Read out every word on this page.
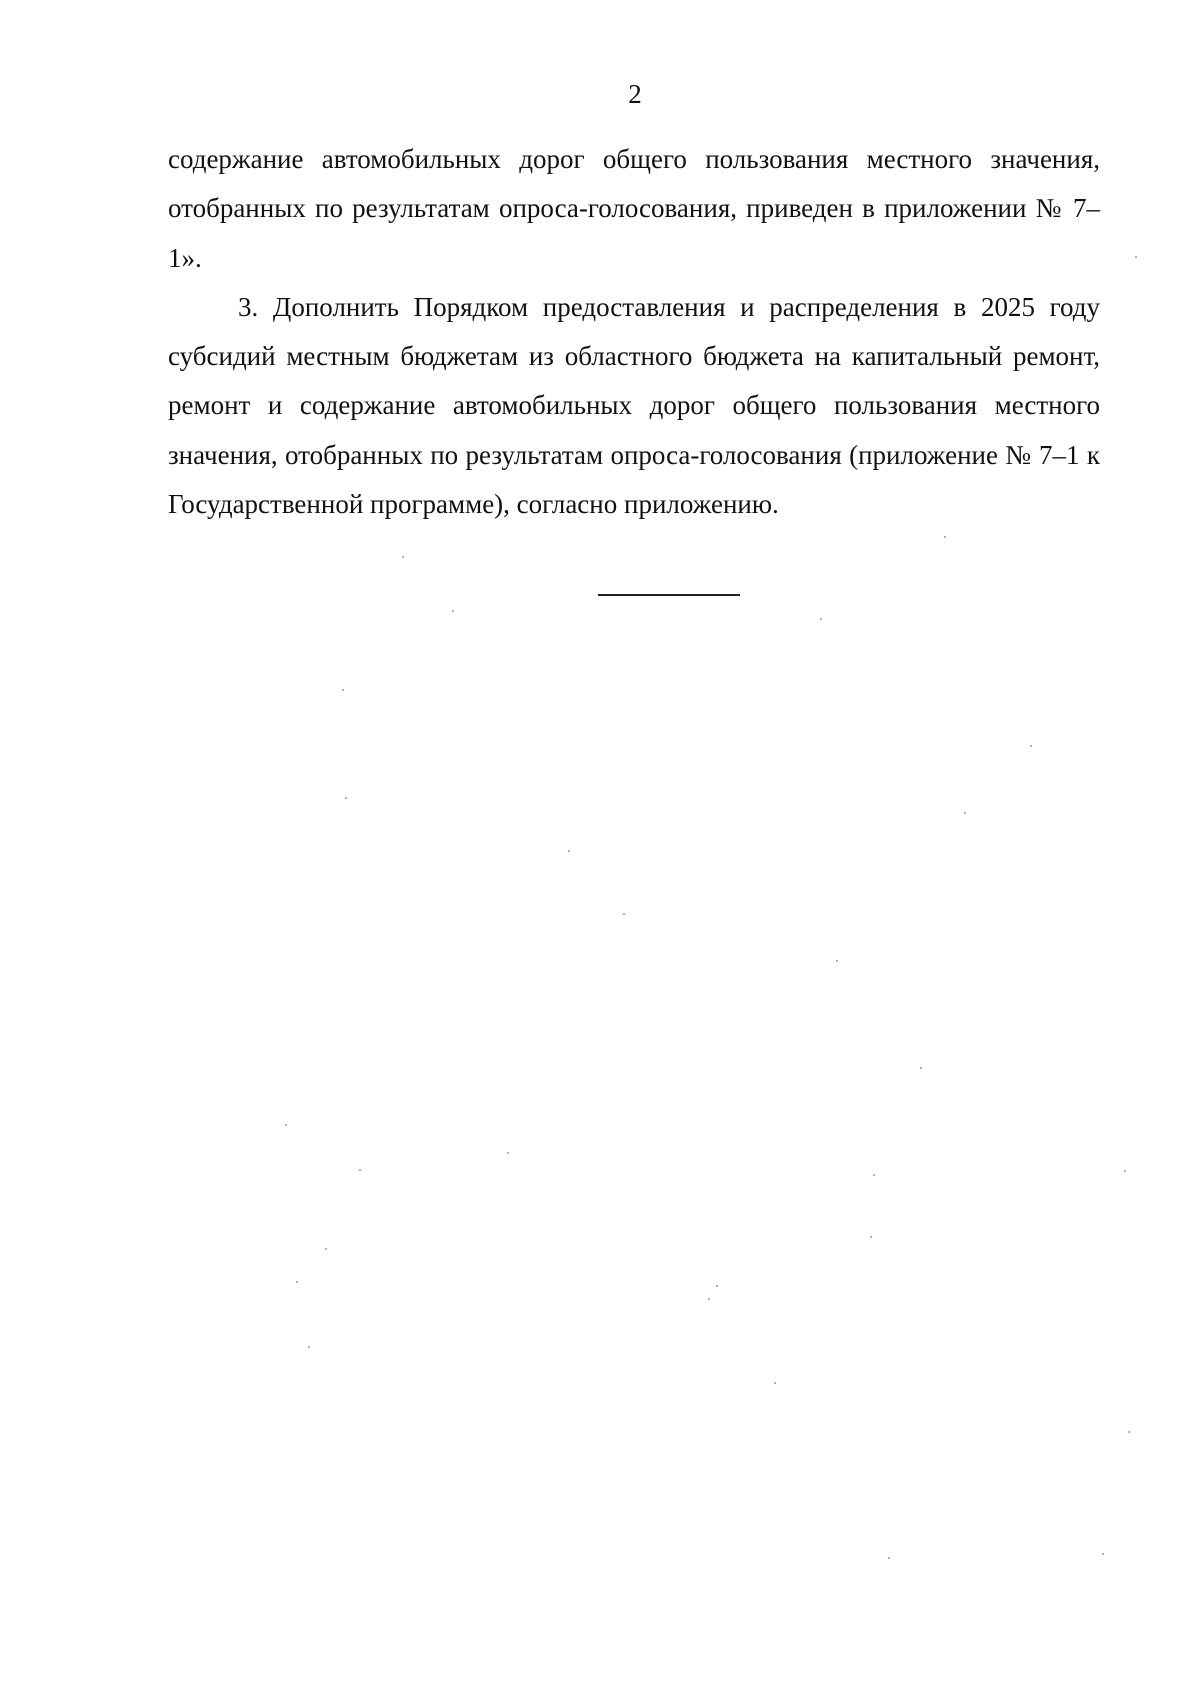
2

содержание автомобильных дорог общего пользования местного значения, отобранных по результатам опроса-голосования, приведен в приложении № 7–1».

3. Дополнить Порядком предоставления и распределения в 2025 году субсидий местным бюджетам из областного бюджета на капитальный ремонт, ремонт и содержание автомобильных дорог общего пользования местного значения, отобранных по результатам опроса-голосования (приложение № 7–1 к Государственной программе), согласно приложению.
